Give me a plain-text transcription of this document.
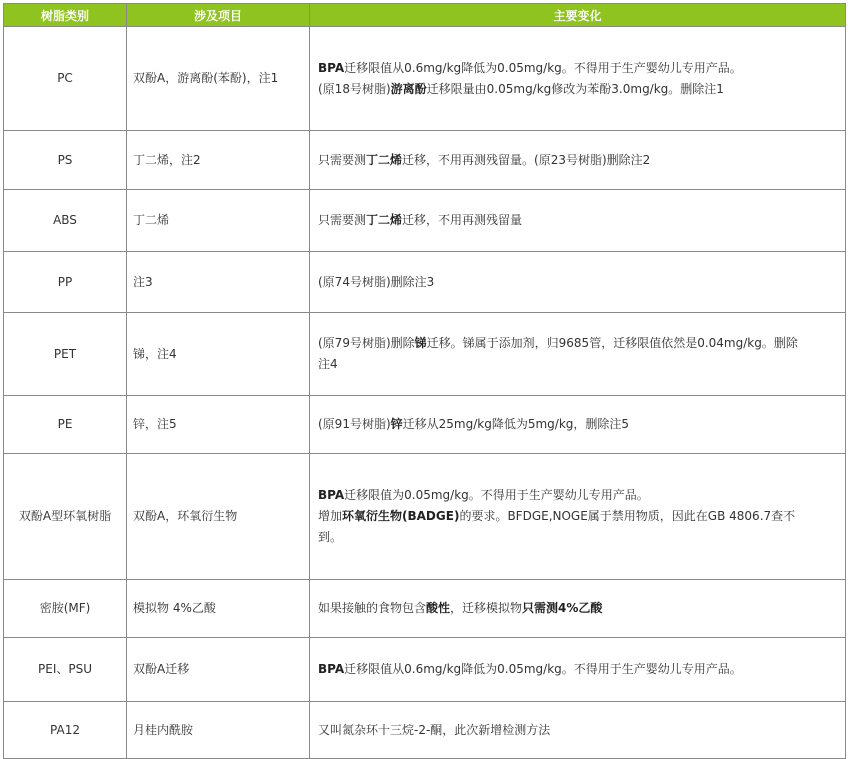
树脂类别	涉及项目	主要变化
PC	双酚A，游离酚(苯酚)，注1	BPA迁移限值从0.6mg/kg降低为0.05mg/kg。不得用于生产婴幼儿专用产品。
(原18号树脂)游离酚迁移限量由0.05mg/kg修改为苯酚3.0mg/kg。删除注1

PS	丁二烯，注2	只需要测丁二烯迁移，不用再测残留量。(原23号树脂)删除注2

ABS	丁二烯	只需要测丁二烯迁移，不用再测残留量

PP	注3	(原74号树脂)删除注3

PET	锑，注4	(原79号树脂)删除锑迁移。锑属于添加剂，归9685管，迁移限值依然是0.04mg/kg。删除
注4

PE	锌，注5	(原91号树脂)锌迁移从25mg/kg降低为5mg/kg，删除注5

双酚A型环氧树脂	双酚A，环氧衍生物	BPA迁移限值为0.05mg/kg。不得用于生产婴幼儿专用产品。
增加环氧衍生物(BADGE)的要求。BFDGE,NOGE属于禁用物质，因此在GB 4806.7查不
到。

密胺(MF)	模拟物 4%乙酸	如果接触的食物包含酸性，迁移模拟物只需测4%乙酸

PEI、PSU	双酚A迁移	BPA迁移限值从0.6mg/kg降低为0.05mg/kg。不得用于生产婴幼儿专用产品。

PA12	月桂内酰胺	又叫氮杂环十三烷-2-酮，此次新增检测方法
